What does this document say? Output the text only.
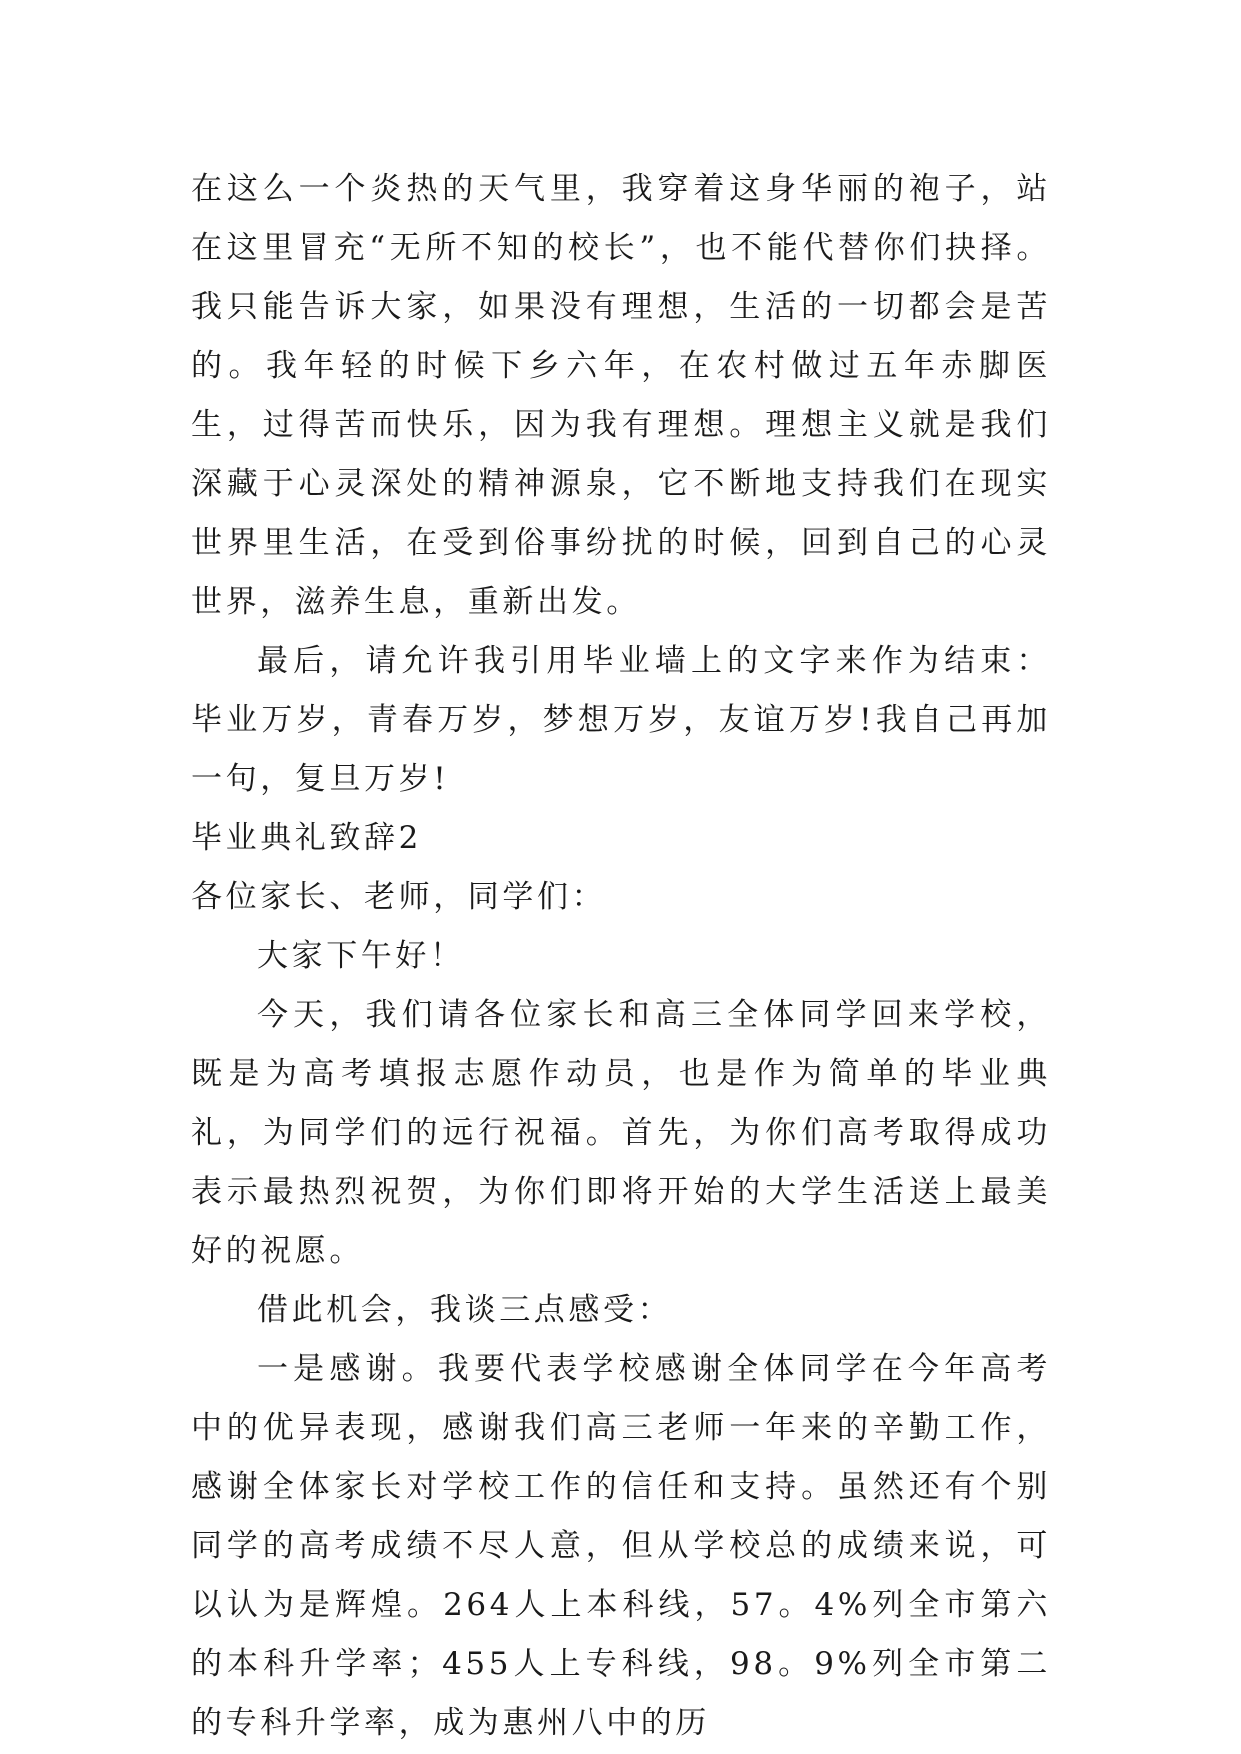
在这么一个炎热的天气里，我穿着这身华丽的袍子，站在这里冒充“无所不知的校长”，也不能代替你们抉择。我只能告诉大家，如果没有理想，生活的一切都会是苦的。我年轻的时候下乡六年，在农村做过五年赤脚医生，过得苦而快乐，因为我有理想。理想主义就是我们深藏于心灵深处的精神源泉，它不断地支持我们在现实世界里生活，在受到俗事纷扰的时候，回到自己的心灵世界，滋养生息，重新出发。

最后，请允许我引用毕业墙上的文字来作为结束：毕业万岁，青春万岁，梦想万岁，友谊万岁!我自己再加一句，复旦万岁!

毕业典礼致辞2

各位家长、老师，同学们：

大家下午好！

今天，我们请各位家长和高三全体同学回来学校，既是为高考填报志愿作动员，也是作为简单的毕业典礼，为同学们的远行祝福。首先，为你们高考取得成功表示最热烈祝贺，为你们即将开始的大学生活送上最美好的祝愿。

借此机会，我谈三点感受：

一是感谢。我要代表学校感谢全体同学在今年高考中的优异表现，感谢我们高三老师一年来的辛勤工作，感谢全体家长对学校工作的信任和支持。虽然还有个别同学的高考成绩不尽人意，但从学校总的成绩来说，可以认为是辉煌。264人上本科线，57。4%列全市第六的本科升学率；455人上专科线，98。9%列全市第二的专科升学率，成为惠州八中的历
